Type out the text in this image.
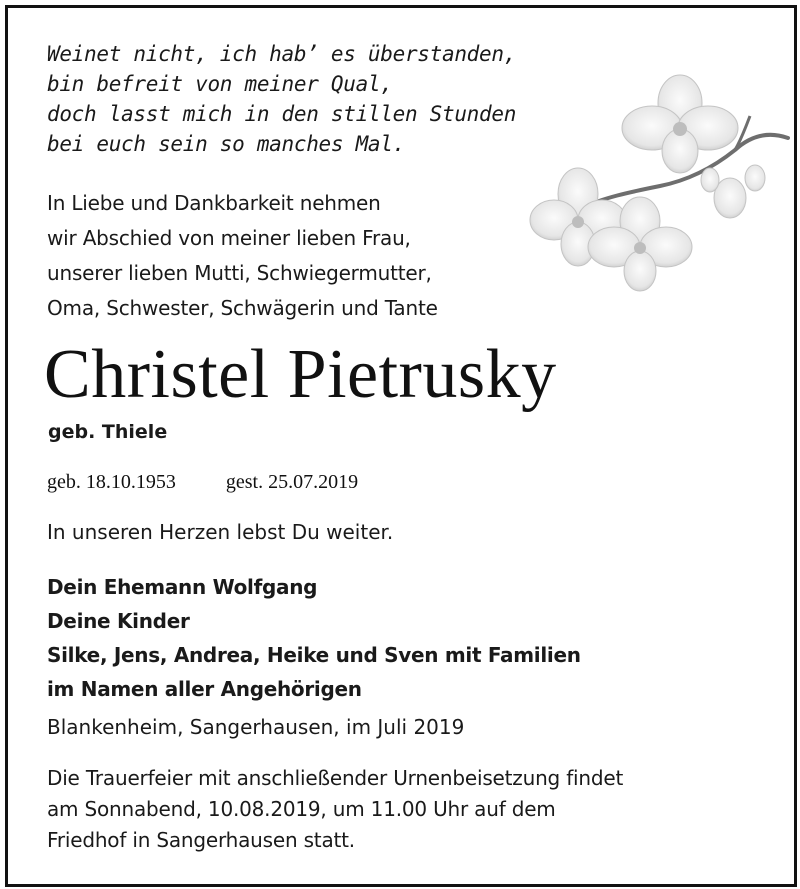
Weinet nicht, ich hab’ es überstanden,
bin befreit von meiner Qual,
doch lasst mich in den stillen Stunden
bei euch sein so manches Mal.
In Liebe und Dankbarkeit nehmen
wir Abschied von meiner lieben Frau,
unserer lieben Mutti, Schwiegermutter,
Oma, Schwester, Schwägerin und Tante
Christel Pietrusky
geb. Thiele
geb. 18.10.1953	gest. 25.07.2019
In unseren Herzen lebst Du weiter.
Dein Ehemann Wolfgang
Deine Kinder
Silke, Jens, Andrea, Heike und Sven mit Familien
im Namen aller Angehörigen
Blankenheim, Sangerhausen, im Juli 2019
Die Trauerfeier mit anschließender Urnenbeisetzung findet
am Sonnabend, 10.08.2019, um 11.00 Uhr auf dem
Friedhof in Sangerhausen statt.
